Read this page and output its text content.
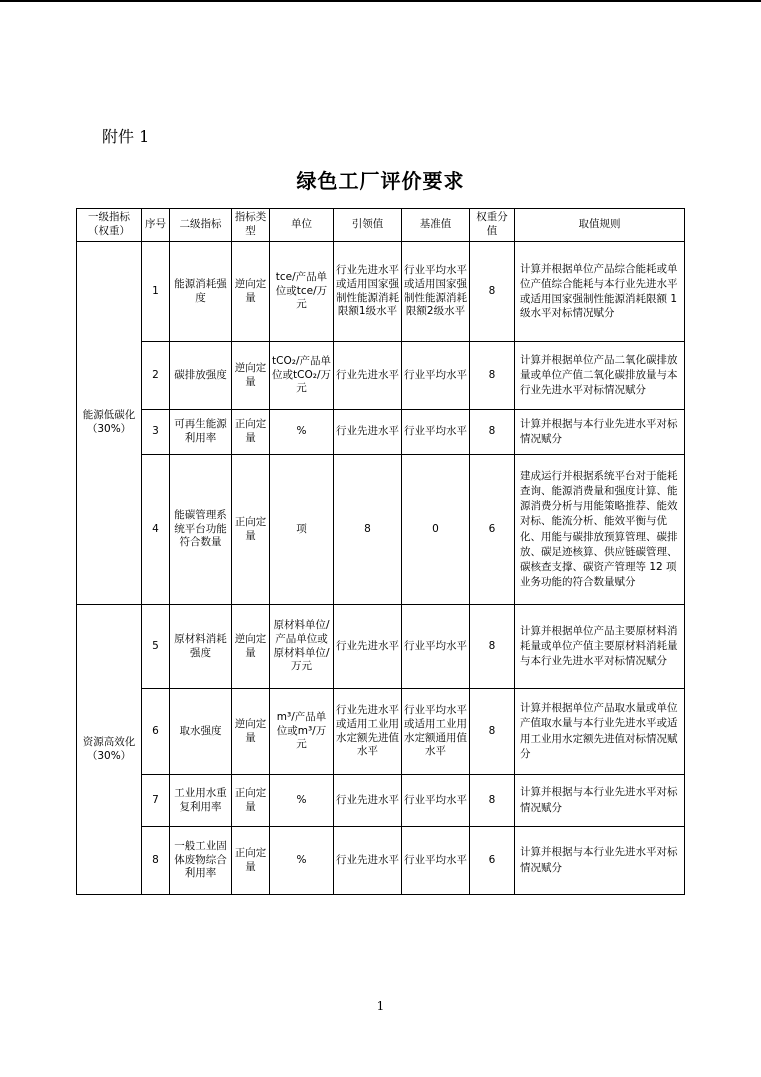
附件 1
绿色工厂评价要求
一级指标（权重）	序号	二级指标	指标类型	单位	引领值	基准值	权重分值	取值规则
能源低碳化（30%）	1	能源消耗强度	逆向定量	tce/产品单位或tce/万元	行业先进水平或适用国家强制性能源消耗限额1级水平	行业平均水平或适用国家强制性能源消耗限额2级水平	8	计算并根据单位产品综合能耗或单位产值综合能耗与本行业先进水平或适用国家强制性能源消耗限额 1 级水平对标情况赋分
	2	碳排放强度	逆向定量	tCO₂/产品单位或tCO₂/万元	行业先进水平	行业平均水平	8	计算并根据单位产品二氧化碳排放量或单位产值二氧化碳排放量与本行业先进水平对标情况赋分
	3	可再生能源利用率	正向定量	%	行业先进水平	行业平均水平	8	计算并根据与本行业先进水平对标情况赋分
	4	能碳管理系统平台功能符合数量	正向定量	项	8	0	6	建成运行并根据系统平台对于能耗查询、能源消费量和强度计算、能源消费分析与用能策略推荐、能效对标、能流分析、能效平衡与优化、用能与碳排放预算管理、碳排放、碳足迹核算、供应链碳管理、碳核查支撑、碳资产管理等 12 项业务功能的符合数量赋分
资源高效化（30%）	5	原材料消耗强度	逆向定量	原材料单位/产品单位或原材料单位/万元	行业先进水平	行业平均水平	8	计算并根据单位产品主要原材料消耗量或单位产值主要原材料消耗量与本行业先进水平对标情况赋分
	6	取水强度	逆向定量	m³/产品单位或m³/万元	行业先进水平或适用工业用水定额先进值水平	行业平均水平或适用工业用水定额通用值水平	8	计算并根据单位产品取水量或单位产值取水量与本行业先进水平或适用工业用水定额先进值对标情况赋分
	7	工业用水重复利用率	正向定量	%	行业先进水平	行业平均水平	8	计算并根据与本行业先进水平对标情况赋分
	8	一般工业固体废物综合利用率	正向定量	%	行业先进水平	行业平均水平	6	计算并根据与本行业先进水平对标情况赋分
1
